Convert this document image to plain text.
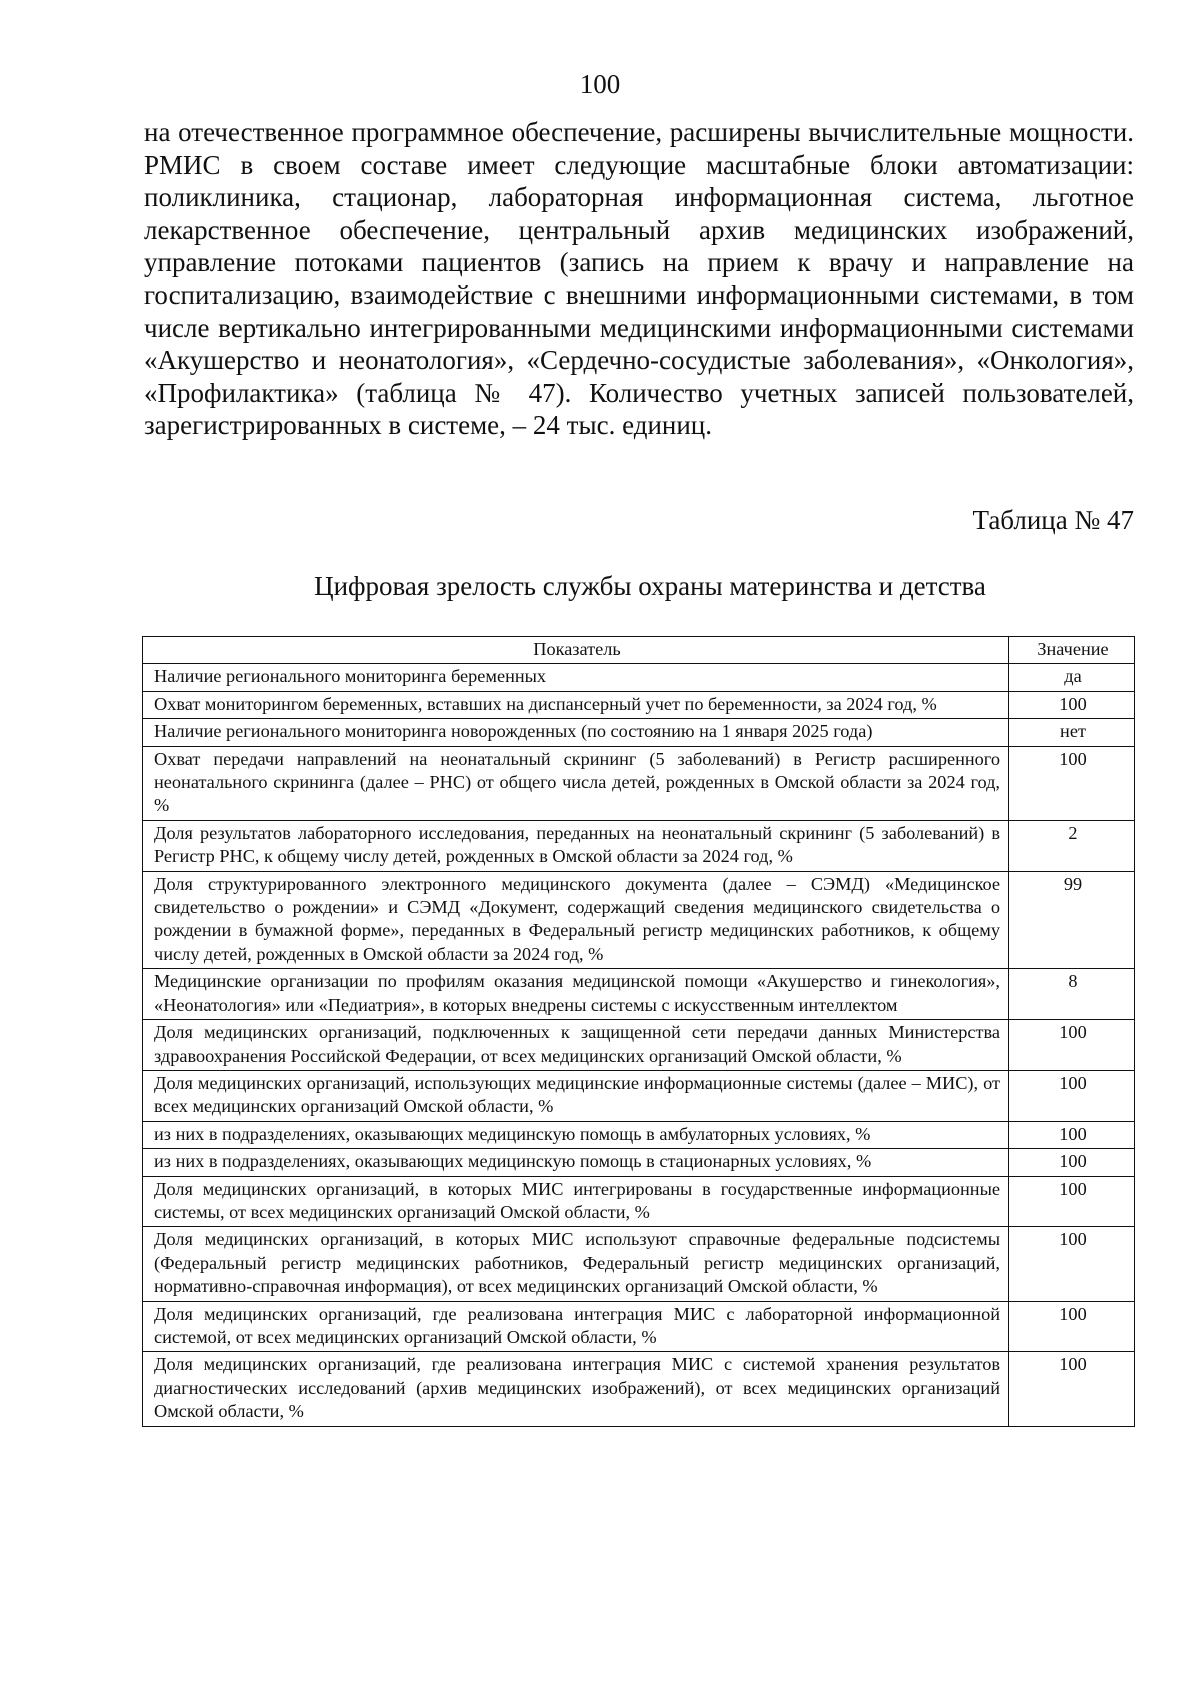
100

на отечественное программное обеспечение, расширены вычислительные мощности. РМИС в своем составе имеет следующие масштабные блоки автоматизации: поликлиника, стационар, лабораторная информационная система, льготное лекарственное обеспечение, центральный архив медицинских изображений, управление потоками пациентов (запись на прием к врачу и направление на госпитализацию, взаимодействие с внешними информационными системами, в том числе вертикально интегрированными медицинскими информационными системами «Акушерство и неонатология», «Сердечно-сосудистые заболевания», «Онкология», «Профилактика» (таблица № 47). Количество учетных записей пользователей, зарегистрированных в системе, – 24 тыс. единиц.

Таблица № 47
Цифровая зрелость службы охраны материнства и детства
Показатель	Значение
Наличие регионального мониторинга беременных	да
Охват мониторингом беременных, вставших на диспансерный учет по беременности, за 2024 год, %	100
Наличие регионального мониторинга новорожденных (по состоянию на 1 января 2025 года)	нет
Охват передачи направлений на неонатальный скрининг (5 заболеваний) в Регистр расширенного неонатального скрининга (далее – РНС) от общего числа детей, рожденных в Омской области за 2024 год, %	100
Доля результатов лабораторного исследования, переданных на неонатальный скрининг (5 заболеваний) в Регистр РНС, к общему числу детей, рожденных в Омской области за 2024 год, %	2
Доля структурированного электронного медицинского документа (далее – СЭМД) «Медицинское свидетельство о рождении» и СЭМД «Документ, содержащий сведения медицинского свидетельства о рождении в бумажной форме», переданных в Федеральный регистр медицинских работников, к общему числу детей, рожденных в Омской области за 2024 год, %	99
Медицинские организации по профилям оказания медицинской помощи «Акушерство и гинекология», «Неонатология» или «Педиатрия», в которых внедрены системы с искусственным интеллектом	8
Доля медицинских организаций, подключенных к защищенной сети передачи данных Министерства здравоохранения Российской Федерации, от всех медицинских организаций Омской области, %	100
Доля медицинских организаций, использующих медицинские информационные системы (далее – МИС), от всех медицинских организаций Омской области, %	100
из них в подразделениях, оказывающих медицинскую помощь в амбулаторных условиях, %	100
из них в подразделениях, оказывающих медицинскую помощь в стационарных условиях, %	100
Доля медицинских организаций, в которых МИС интегрированы в государственные информационные системы, от всех медицинских организаций Омской области, %	100
Доля медицинских организаций, в которых МИС используют справочные федеральные подсистемы (Федеральный регистр медицинских работников, Федеральный регистр медицинских организаций, нормативно-справочная информация), от всех медицинских организаций Омской области, %	100
Доля медицинских организаций, где реализована интеграция МИС с лабораторной информационной системой, от всех медицинских организаций Омской области, %	100
Доля медицинских организаций, где реализована интеграция МИС с системой хранения результатов диагностических исследований (архив медицинских изображений), от всех медицинских организаций Омской области, %	100
